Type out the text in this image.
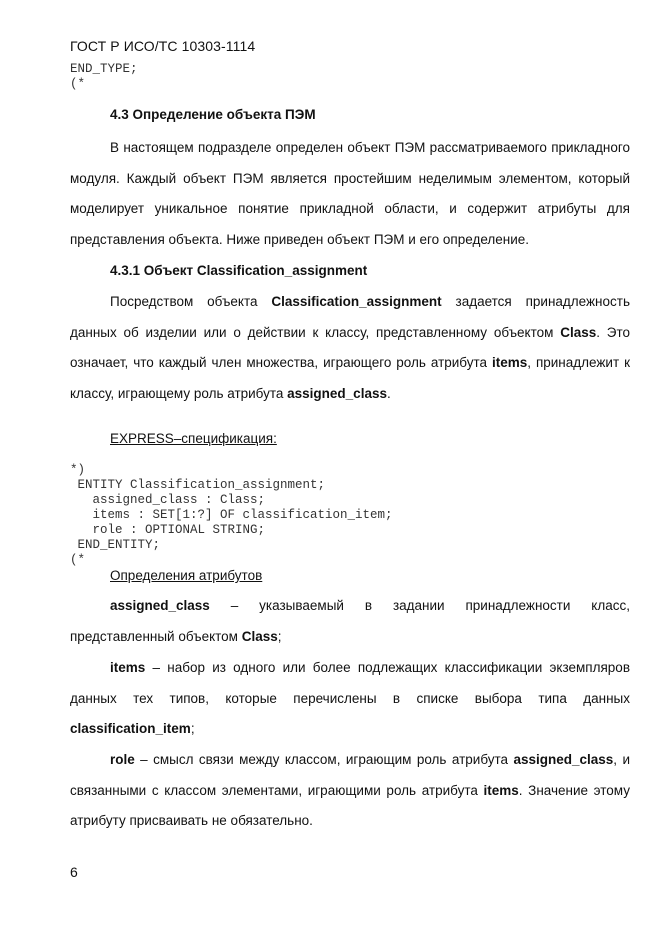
ГОСТ Р ИСО/ТС 10303-1114
END_TYPE;
(*
4.3 Определение объекта ПЭМ
В настоящем подразделе определен объект ПЭМ рассматриваемого прикладного модуля. Каждый объект ПЭМ является простейшим неделимым элементом, который моделирует уникальное понятие прикладной области, и содержит атрибуты для представления объекта. Ниже приведен объект ПЭМ и его определение.
4.3.1 Объект Classification_assignment
Посредством объекта Classification_assignment задается принадлежность данных об изделии или о действии к классу, представленному объектом Class. Это означает, что каждый член множества, играющего роль атрибута items, принадлежит к классу, играющему роль атрибута assigned_class.
EXPRESS–спецификация:
*)
ENTITY Classification_assignment;
assigned_class : Class;
items : SET[1:?] OF classification_item;
role : OPTIONAL STRING;
END_ENTITY;
(*
Определения атрибутов
assigned_class – указываемый в задании принадлежности класс, представленный объектом Class;
items – набор из одного или более подлежащих классификации экземпляров данных тех типов, которые перечислены в списке выбора типа данных classification_item;
role – смысл связи между классом, играющим роль атрибута assigned_class, и связанными с классом элементами, играющими роль атрибута items. Значение этому атрибуту присваивать не обязательно.
6
